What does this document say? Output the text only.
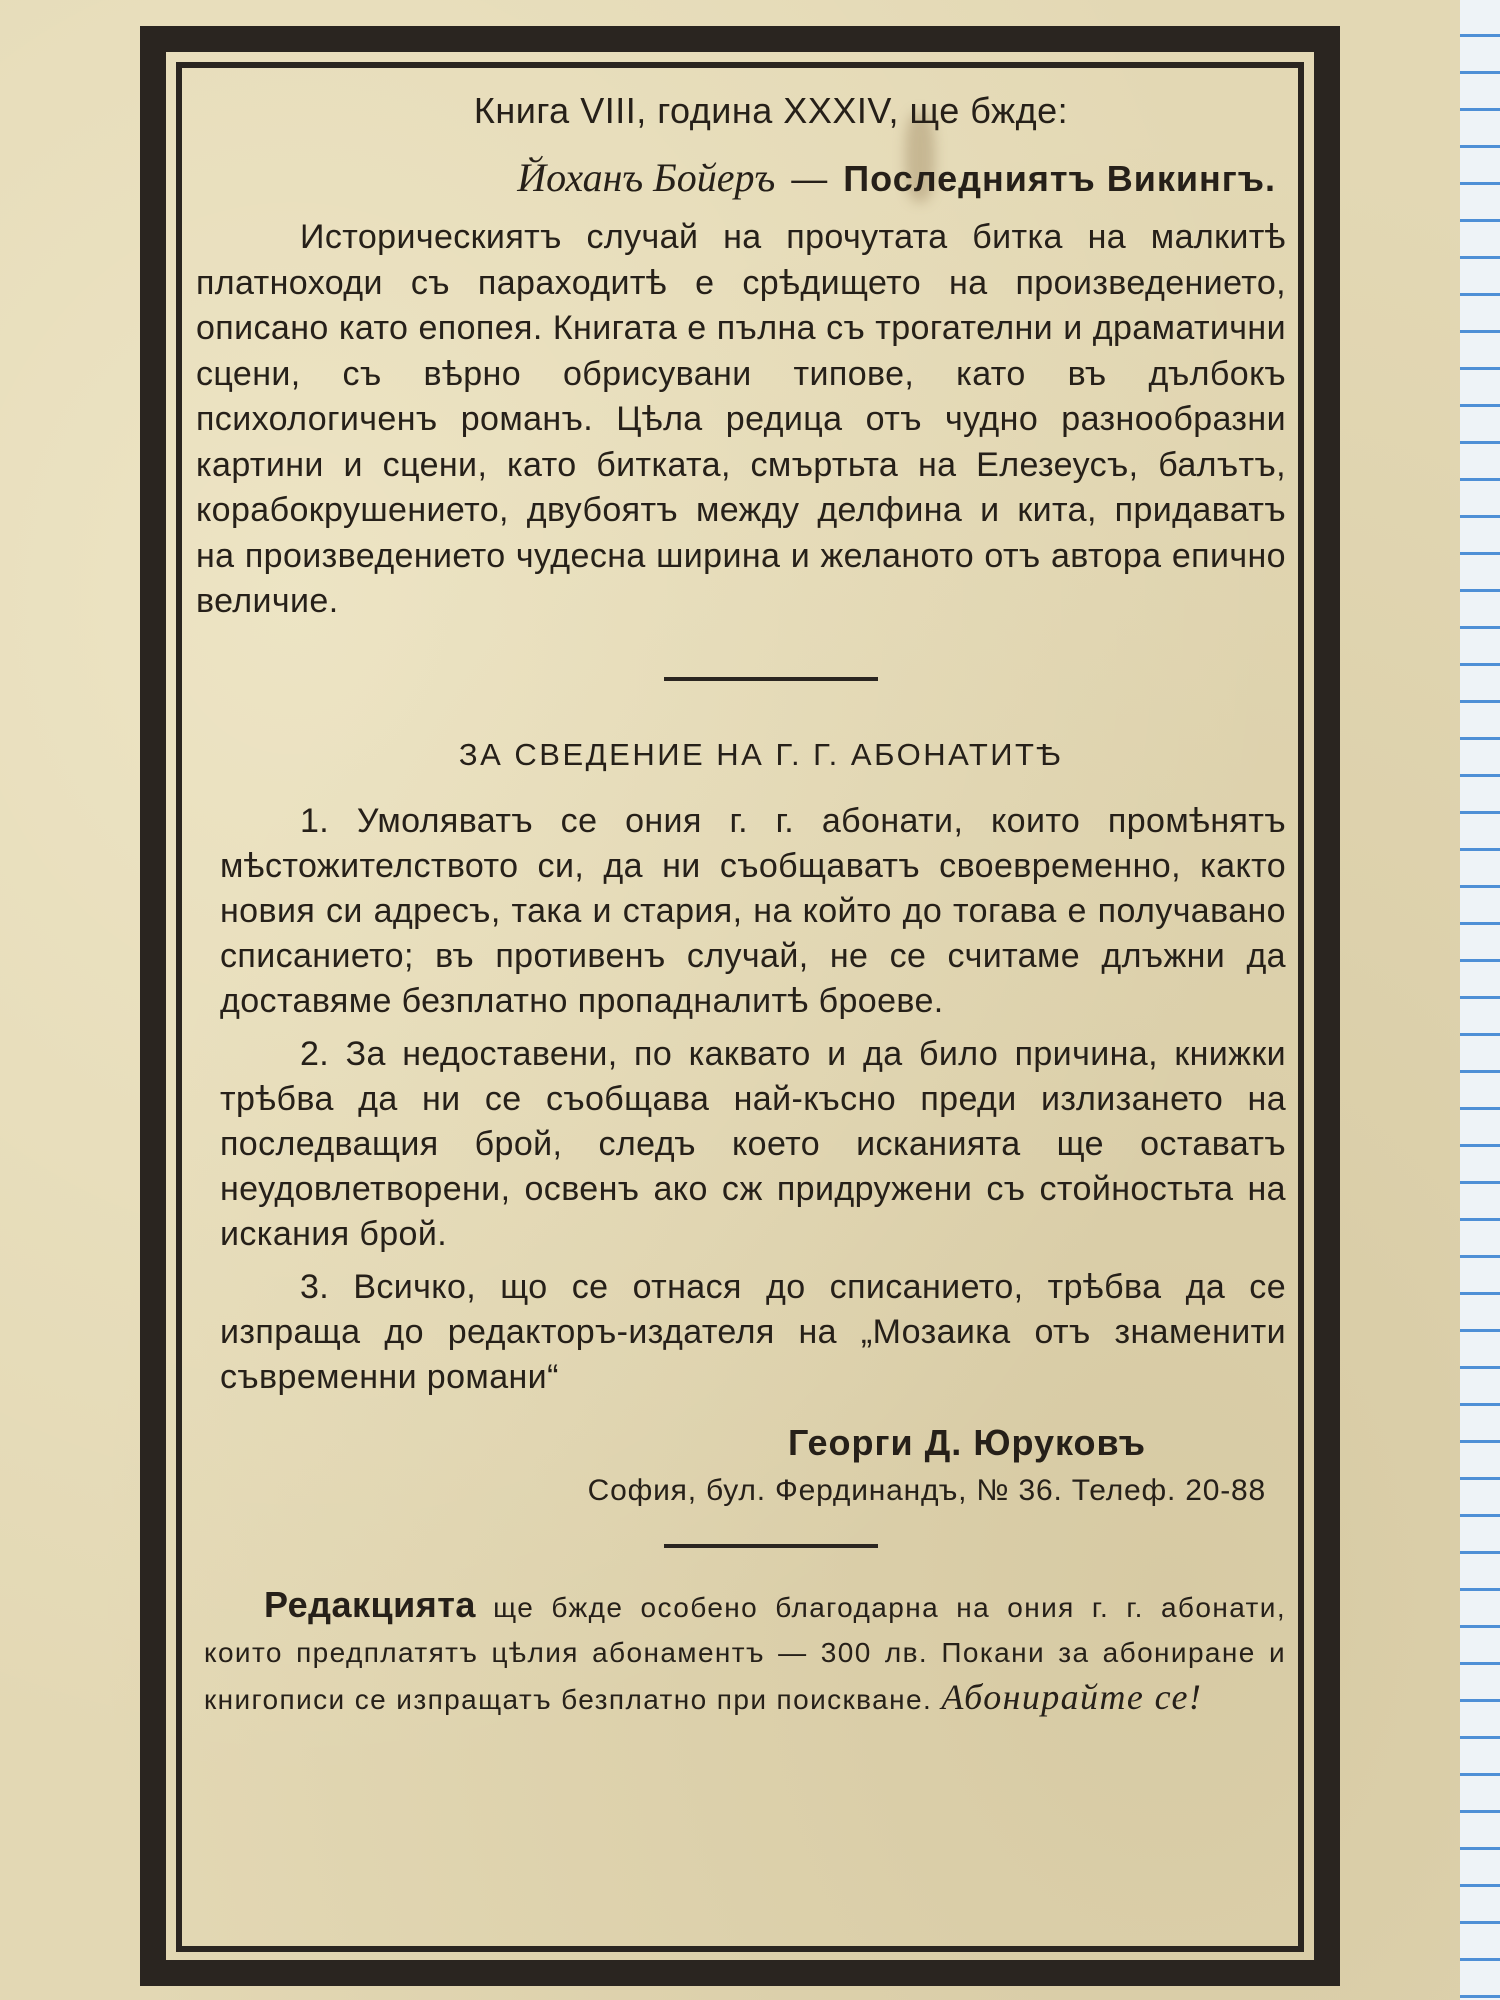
Книга VIII, година XXXIV, ще бжде:

Йоханъ Бойеръ — Последниятъ Викингъ.

Историческиятъ случай на прочутата битка на малкитѣ платноходи съ параходитѣ е срѣдището на произведението, описано като епопея. Книгата е пълна съ трогателни и драматични сцени, съ вѣрно обрисувани типове, като въ дълбокъ психологиченъ романъ. Цѣла редица отъ чудно разнообразни картини и сцени, като битката, смъртьта на Елезеусъ, балътъ, корабокрушението, двубоятъ между делфина и кита, придаватъ на произведението чудесна ширина и желаното отъ автора епично величие.

ЗА СВЕДЕНИЕ НА Г. Г. АБОНАТИТѢ

1. Умоляватъ се ония г. г. абонати, които промѣнятъ мѣстожителството си, да ни съобщаватъ своевременно, както новия си адресъ, така и стария, на който до тогава е получавано списанието; въ противенъ случай, не се считаме длъжни да доставяме безплатно пропадналитѣ броеве.

2. За недоставени, по каквато и да било причина, книжки трѣбва да ни се съобщава най-късно преди излизането на последващия брой, следъ което исканията ще оставатъ неудовлетворени, освенъ ако сж придружени съ стойностьта на искания брой.

3. Всичко, що се отнася до списанието, трѣбва да се изпраща до редакторъ-издателя на „Мозаика отъ знаменити съвременни романи“

Георги Д. Юруковъ

София, бул. Фердинандъ, № 36. Телеф. 20-88

Редакцията ще бжде особено благодарна на ония г. г. абонати, които предплатятъ цѣлия абонаментъ — 300 лв. Покани за абониране и книгописи се изпращатъ безплатно при поискване. Абонирайте се!
